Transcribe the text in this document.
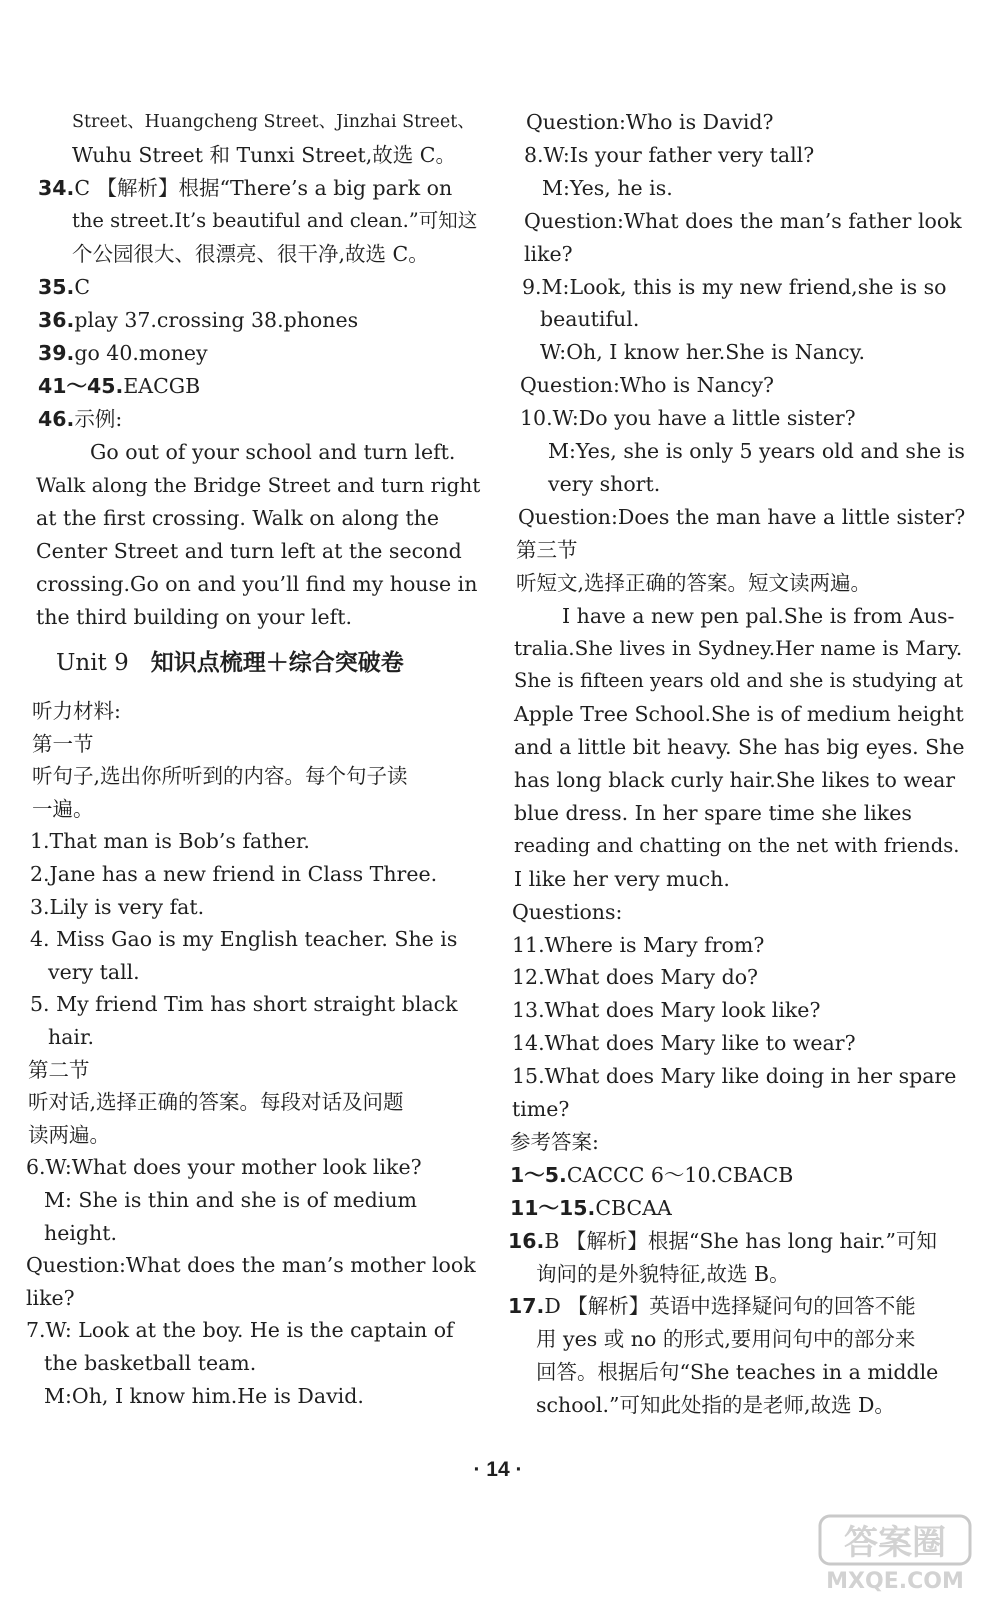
Street、Huangcheng Street、Jinzhai Street、
Wuhu Street 和 Tunxi Street,故选 C。
34.C 【解析】根据“There’s a big park on
the street.It’s beautiful and clean.”可知这
个公园很大、很漂亮、很干净,故选 C。
35.C
36.play 37.crossing 38.phones
39.go 40.money
41～45.EACGB
46.示例:
Go out of your school and turn left.
Walk along the Bridge Street and turn right
at the first crossing. Walk on along the
Center Street and turn left at the second
crossing.Go on and you’ll find my house in
the third building on your left.
Unit 9 知识点梳理＋综合突破卷
听力材料:
第一节
听句子,选出你所听到的内容。每个句子读
一遍。
1.That man is Bob’s father.
2.Jane has a new friend in Class Three.
3.Lily is very fat.
4. Miss Gao is my English teacher. She is
very tall.
5. My friend Tim has short straight black
hair.
第二节
听对话,选择正确的答案。每段对话及问题
读两遍。
6.W:What does your mother look like?
M: She is thin and she is of medium
height.
Question:What does the man’s mother look
like?
7.W: Look at the boy. He is the captain of
the basketball team.
M:Oh, I know him.He is David.
Question:Who is David?
8.W:Is your father very tall?
M:Yes, he is.
Question:What does the man’s father look
like?
9.M:Look, this is my new friend,she is so
beautiful.
W:Oh, I know her.She is Nancy.
Question:Who is Nancy?
10.W:Do you have a little sister?
M:Yes, she is only 5 years old and she is
very short.
Question:Does the man have a little sister?
第三节
听短文,选择正确的答案。短文读两遍。
I have a new pen pal.She is from Aus-
tralia.She lives in Sydney.Her name is Mary.
She is fifteen years old and she is studying at
Apple Tree School.She is of medium height
and a little bit heavy. She has big eyes. She
has long black curly hair.She likes to wear
blue dress. In her spare time she likes
reading and chatting on the net with friends.
I like her very much.
Questions:
11.Where is Mary from?
12.What does Mary do?
13.What does Mary look like?
14.What does Mary like to wear?
15.What does Mary like doing in her spare
time?
参考答案:
1～5.CACCC 6～10.CBACB
11～15.CBCAA
16.B 【解析】根据“She has long hair.”可知
询问的是外貌特征,故选 B。
17.D 【解析】英语中选择疑问句的回答不能
用 yes 或 no 的形式,要用问句中的部分来
回答。根据后句“She teaches in a middle
school.”可知此处指的是老师,故选 D。
· 14 ·
答案圈
MXQE.COM
